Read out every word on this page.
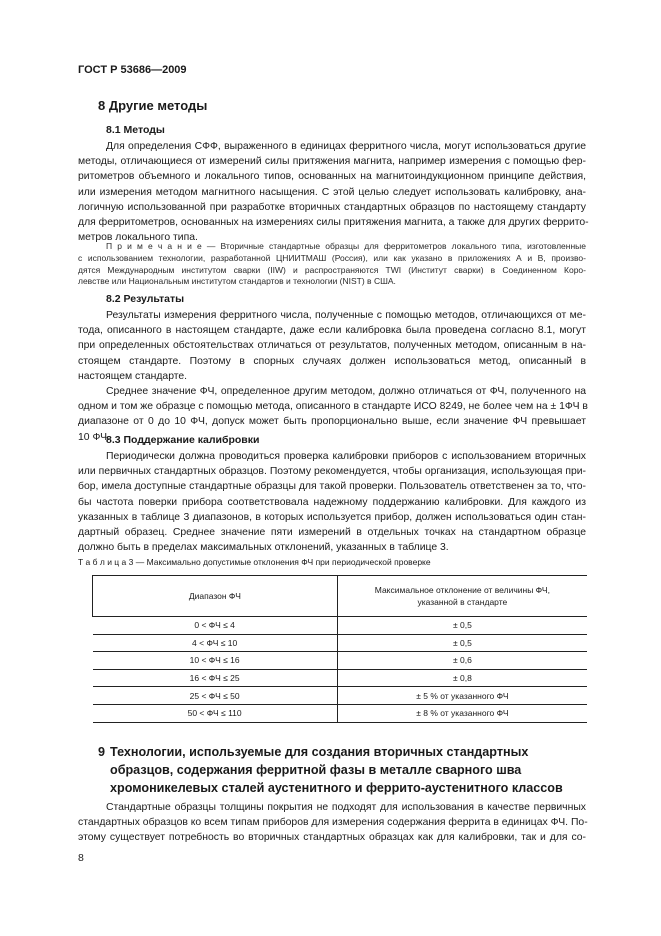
ГОСТ Р 53686—2009
8 Другие методы
8.1 Методы

Для определения СФФ, выраженного в единицах ферритного числа, могут использоваться другие

методы, отличающиеся от измерений силы притяжения магнита, например измерения с помощью фер-

ритометров объемного и локального типов, основанных на магнитоиндукционном принципе действия,

или измерения методом магнитного насыщения. С этой целью следует использовать калибровку, ана-

логичную использованной при разработке вторичных стандартных образцов по настоящему стандарту

для ферритометров, основанных на измерениях силы притяжения магнита, а также для других феррито-

метров локального типа.

П р и м е ч а н и е — Вторичные стандартные образцы для ферритометров локального типа, изготовленные

с использованием технологии, разработанной ЦНИИТМАШ (Россия), или как указано в приложениях А и В, произво-

дятся Международным институтом сварки (IIW) и распространяются TWI (Институт сварки) в Соединенном Коро-

левстве или Национальным институтом стандартов и технологии (NIST) в США.

8.2 Результаты

Результаты измерения ферритного числа, полученные с помощью методов, отличающихся от ме-

тода, описанного в настоящем стандарте, даже если калибровка была проведена согласно 8.1, могут

при определенных обстоятельствах отличаться от результатов, полученных методом, описанным в на-

стоящем стандарте. Поэтому в спорных случаях должен использоваться метод, описанный в

настоящем стандарте.

Среднее значение ФЧ, определенное другим методом, должно отличаться от ФЧ, полученного на

одном и том же образце с помощью метода, описанного в стандарте ИСО 8249, не более чем на ± 1ФЧ в

диапазоне от 0 до 10 ФЧ, допуск может быть пропорционально выше, если значение ФЧ превышает

10 ФЧ.

8.3 Поддержание калибровки

Периодически должна проводиться проверка калибровки приборов с использованием вторичных

или первичных стандартных образцов. Поэтому рекомендуется, чтобы организация, использующая при-

бор, имела доступные стандартные образцы для такой проверки. Пользователь ответственен за то, что-

бы частота поверки прибора соответствовала надежному поддержанию калибровки. Для каждого из

указанных в таблице 3 диапазонов, в которых используется прибор, должен использоваться один стан-

дартный образец. Среднее значение пяти измерений в отдельных точках на стандартном образце

должно быть в пределах максимальных отклонений, указанных в таблице 3.

Т а б л и ц а 3 — Максимально допустимые отклонения ФЧ при периодической проверке
Диапазон ФЧ	Максимальное отклонение от величины ФЧ,
указанной в стандарте

0 < ФЧ ≤ 4	± 0,5
4 < ФЧ ≤ 10	± 0,5
10 < ФЧ ≤ 16	± 0,6
16 < ФЧ ≤ 25	± 0,8
25 < ФЧ ≤ 50	± 5 % от указанного ФЧ
50 < ФЧ ≤ 110	± 8 % от указанного ФЧ
9 Технологии, используемые для создания вторичных стандартных
образцов, содержания ферритной фазы в металле сварного шва
хромоникелевых сталей аустенитного и феррито-аустенитного классов

Стандартные образцы толщины покрытия не подходят для использования в качестве первичных

стандартных образцов ко всем типам приборов для измерения содержания феррита в единицах ФЧ. По-

этому существует потребность во вторичных стандартных образцах как для калибровки, так и для со-

8
